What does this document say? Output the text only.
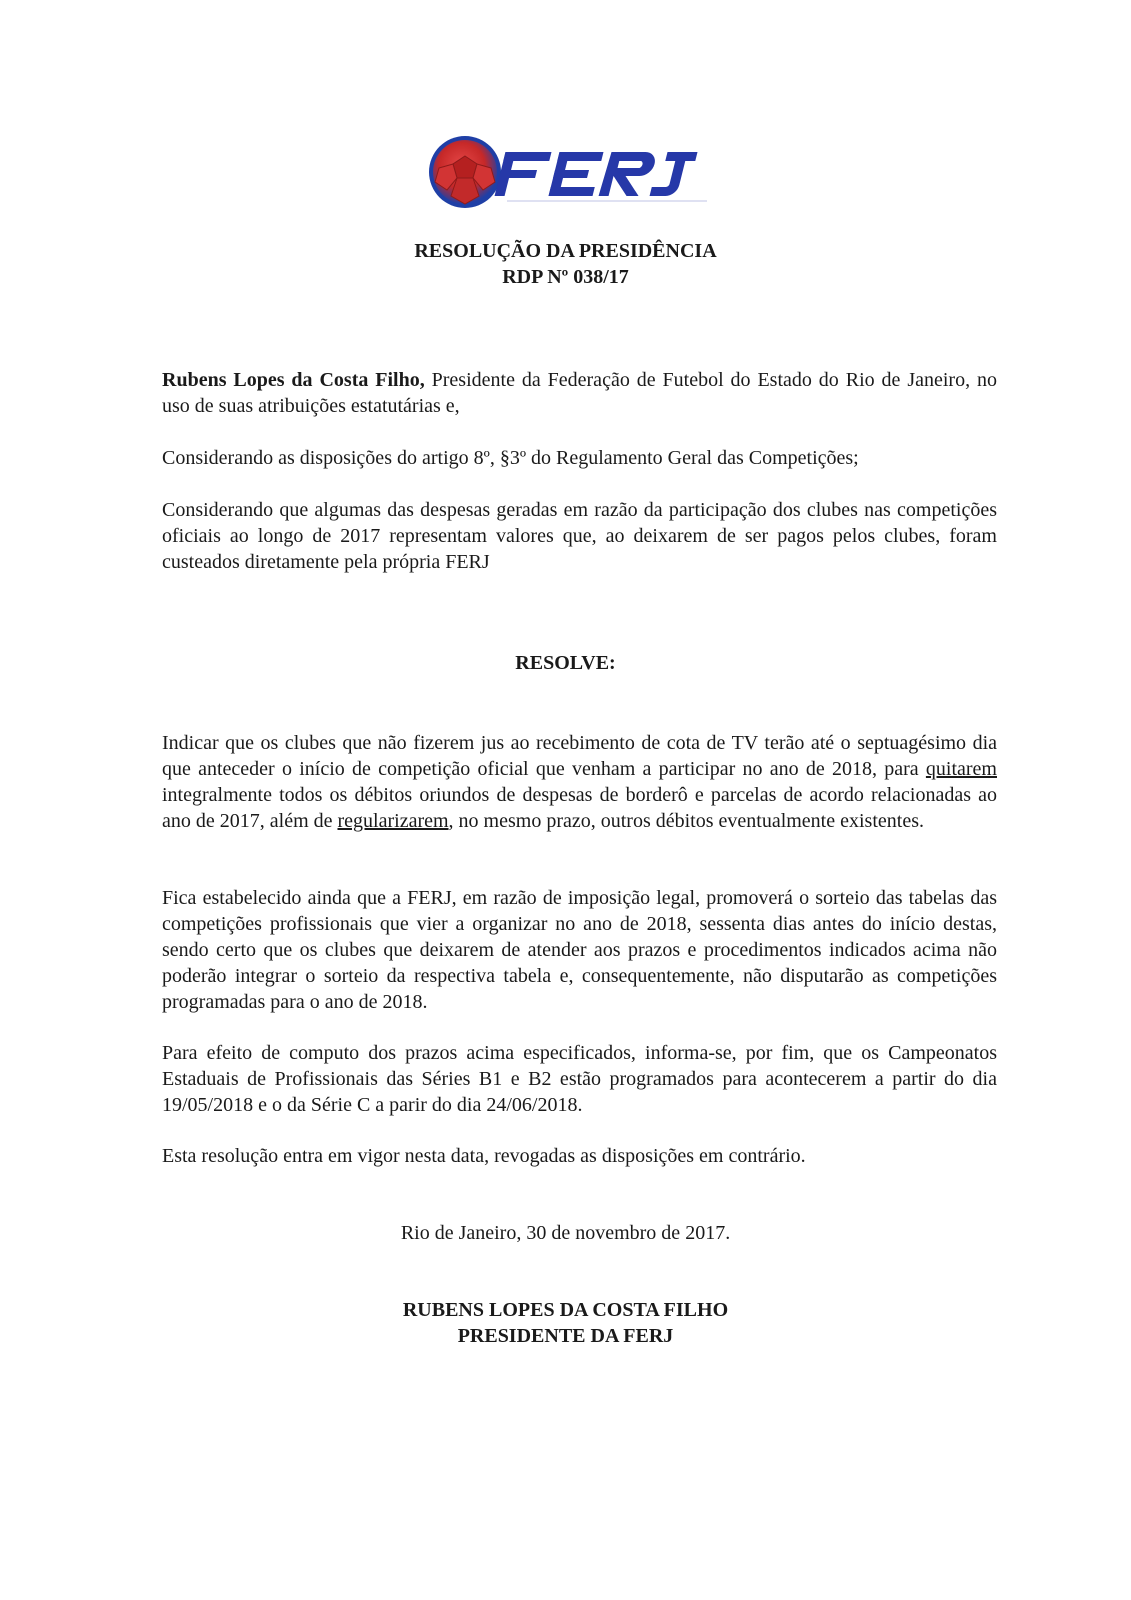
RESOLUÇÃO DA PRESIDÊNCIA
RDP Nº 038/17

Rubens Lopes da Costa Filho, Presidente da Federação de Futebol do Estado do Rio de Janeiro, no uso de suas atribuições estatutárias e,

Considerando as disposições do artigo 8º, §3º do Regulamento Geral das Competições;

Considerando que algumas das despesas geradas em razão da participação dos clubes nas competições oficiais ao longo de 2017 representam valores que, ao deixarem de ser pagos pelos clubes, foram custeados diretamente pela própria FERJ

RESOLVE:

Indicar que os clubes que não fizerem jus ao recebimento de cota de TV terão até o septuagésimo dia que anteceder o início de competição oficial que venham a participar no ano de 2018, para quitarem integralmente todos os débitos oriundos de despesas de borderô e parcelas de acordo relacionadas ao ano de 2017, além de regularizarem, no mesmo prazo, outros débitos eventualmente existentes.

Fica estabelecido ainda que a FERJ, em razão de imposição legal, promoverá o sorteio das tabelas das competições profissionais que vier a organizar no ano de 2018, sessenta dias antes do início destas, sendo certo que os clubes que deixarem de atender aos prazos e procedimentos indicados acima não poderão integrar o sorteio da respectiva tabela e, consequentemente, não disputarão as competições programadas para o ano de 2018.

Para efeito de computo dos prazos acima especificados, informa-se, por fim, que os Campeonatos Estaduais de Profissionais das Séries B1 e B2 estão programados para acontecerem a partir do dia 19/05/2018 e o da Série C a parir do dia 24/06/2018.

Esta resolução entra em vigor nesta data, revogadas as disposições em contrário.

Rio de Janeiro, 30 de novembro de 2017.
RUBENS LOPES DA COSTA FILHO
PRESIDENTE DA FERJ
